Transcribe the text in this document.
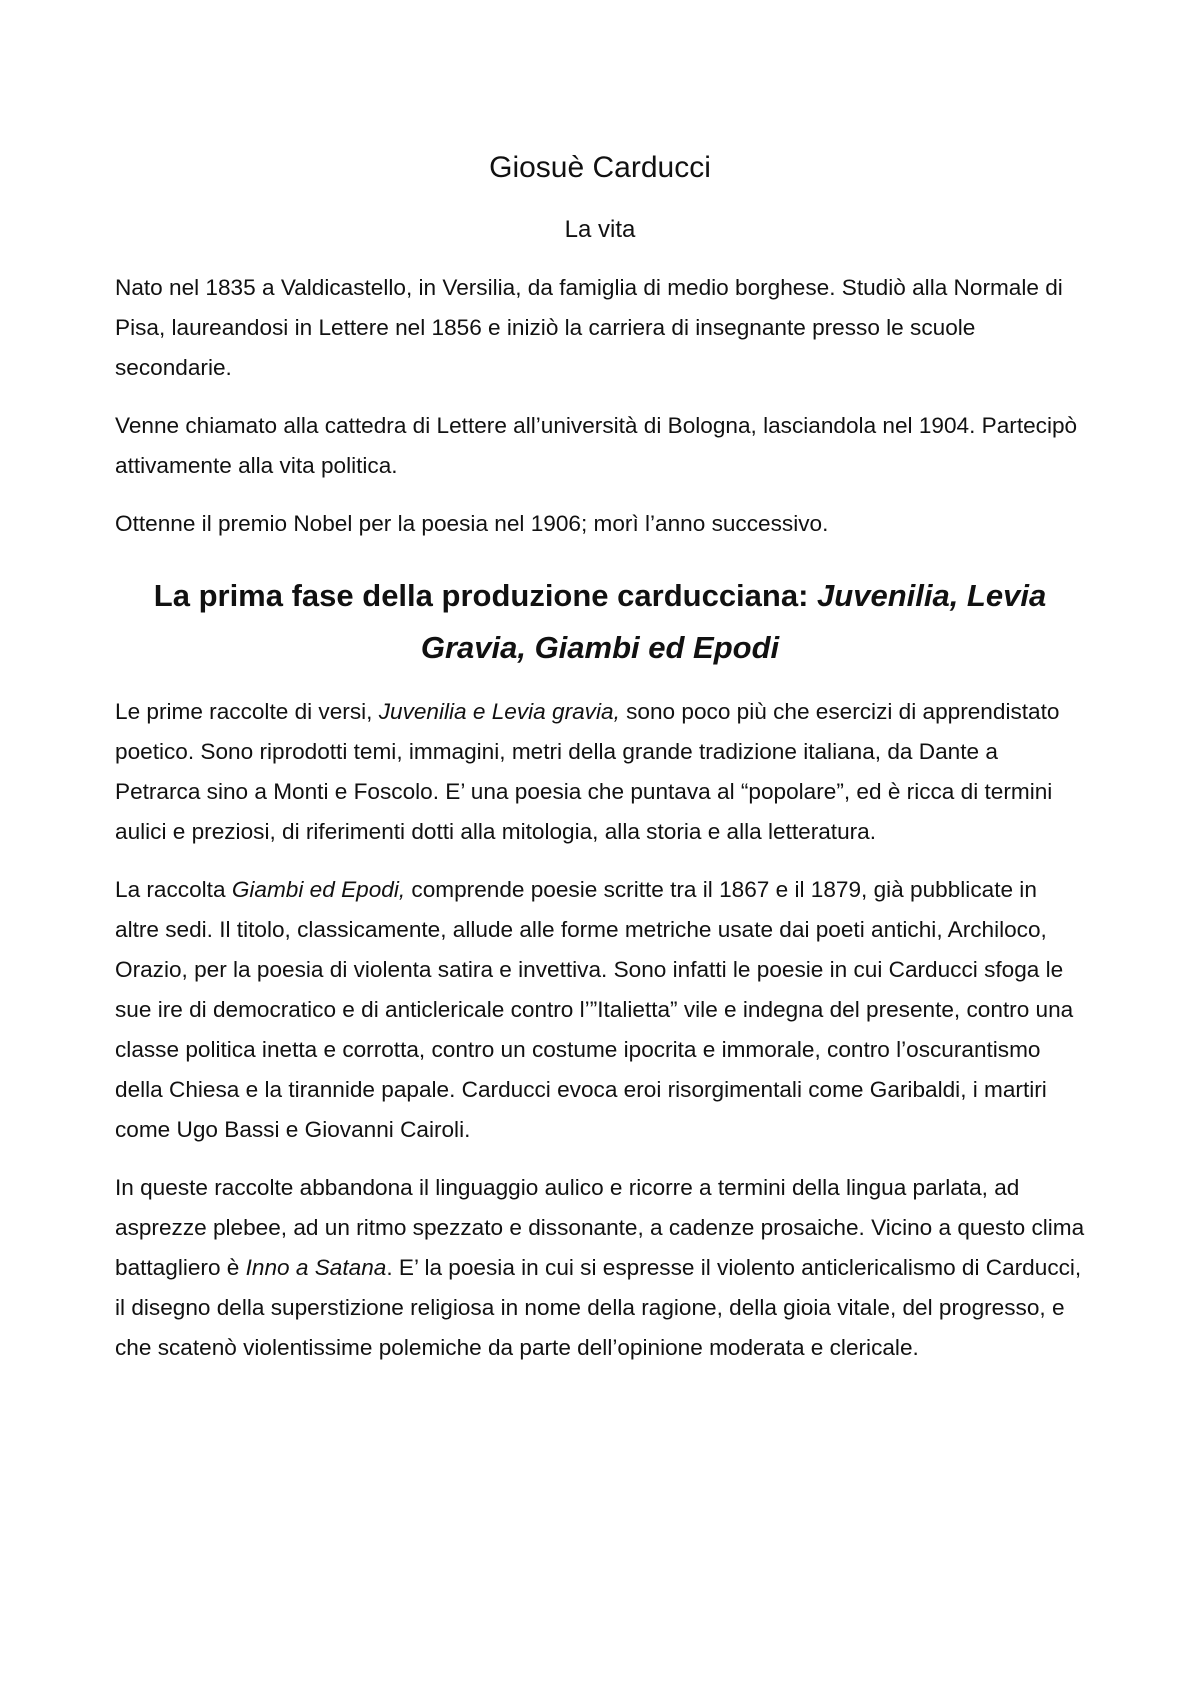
Giosuè Carducci
La vita

Nato nel 1835 a Valdicastello, in Versilia, da famiglia di medio borghese. Studiò alla Normale di Pisa, laureandosi in Lettere nel 1856 e iniziò la carriera di insegnante presso le scuole secondarie.

Venne chiamato alla cattedra di Lettere all’università di Bologna, lasciandola nel 1904. Partecipò attivamente alla vita politica.

Ottenne il premio Nobel per la poesia nel 1906; morì l’anno successivo.

La prima fase della produzione carducciana: Juvenilia, Levia Gravia, Giambi ed Epodi

Le prime raccolte di versi, Juvenilia e Levia gravia, sono poco più che esercizi di apprendistato poetico. Sono riprodotti temi, immagini, metri della grande tradizione italiana, da Dante a Petrarca sino a Monti e Foscolo. E’ una poesia che puntava al “popolare”, ed è ricca di termini aulici e preziosi, di riferimenti dotti alla mitologia, alla storia e alla letteratura.

La raccolta Giambi ed Epodi, comprende poesie scritte tra il 1867 e il 1879, già pubblicate in altre sedi. Il titolo, classicamente, allude alle forme metriche usate dai poeti antichi, Archiloco, Orazio, per la poesia di violenta satira e invettiva. Sono infatti le poesie in cui Carducci sfoga le sue ire di democratico e di anticlericale contro l’”Italietta” vile e indegna del presente, contro una classe politica inetta e corrotta, contro un costume ipocrita e immorale, contro l’oscurantismo della Chiesa e la tirannide papale. Carducci evoca eroi risorgimentali come Garibaldi, i martiri come Ugo Bassi e Giovanni Cairoli.

In queste raccolte abbandona il linguaggio aulico e ricorre a termini della lingua parlata, ad asprezze plebee, ad un ritmo spezzato e dissonante, a cadenze prosaiche. Vicino a questo clima battagliero è Inno a Satana. E’ la poesia in cui si espresse il violento anticlericalismo di Carducci, il disegno della superstizione religiosa in nome della ragione, della gioia vitale, del progresso, e che scatenò violentissime polemiche da parte dell’opinione moderata e clericale.
